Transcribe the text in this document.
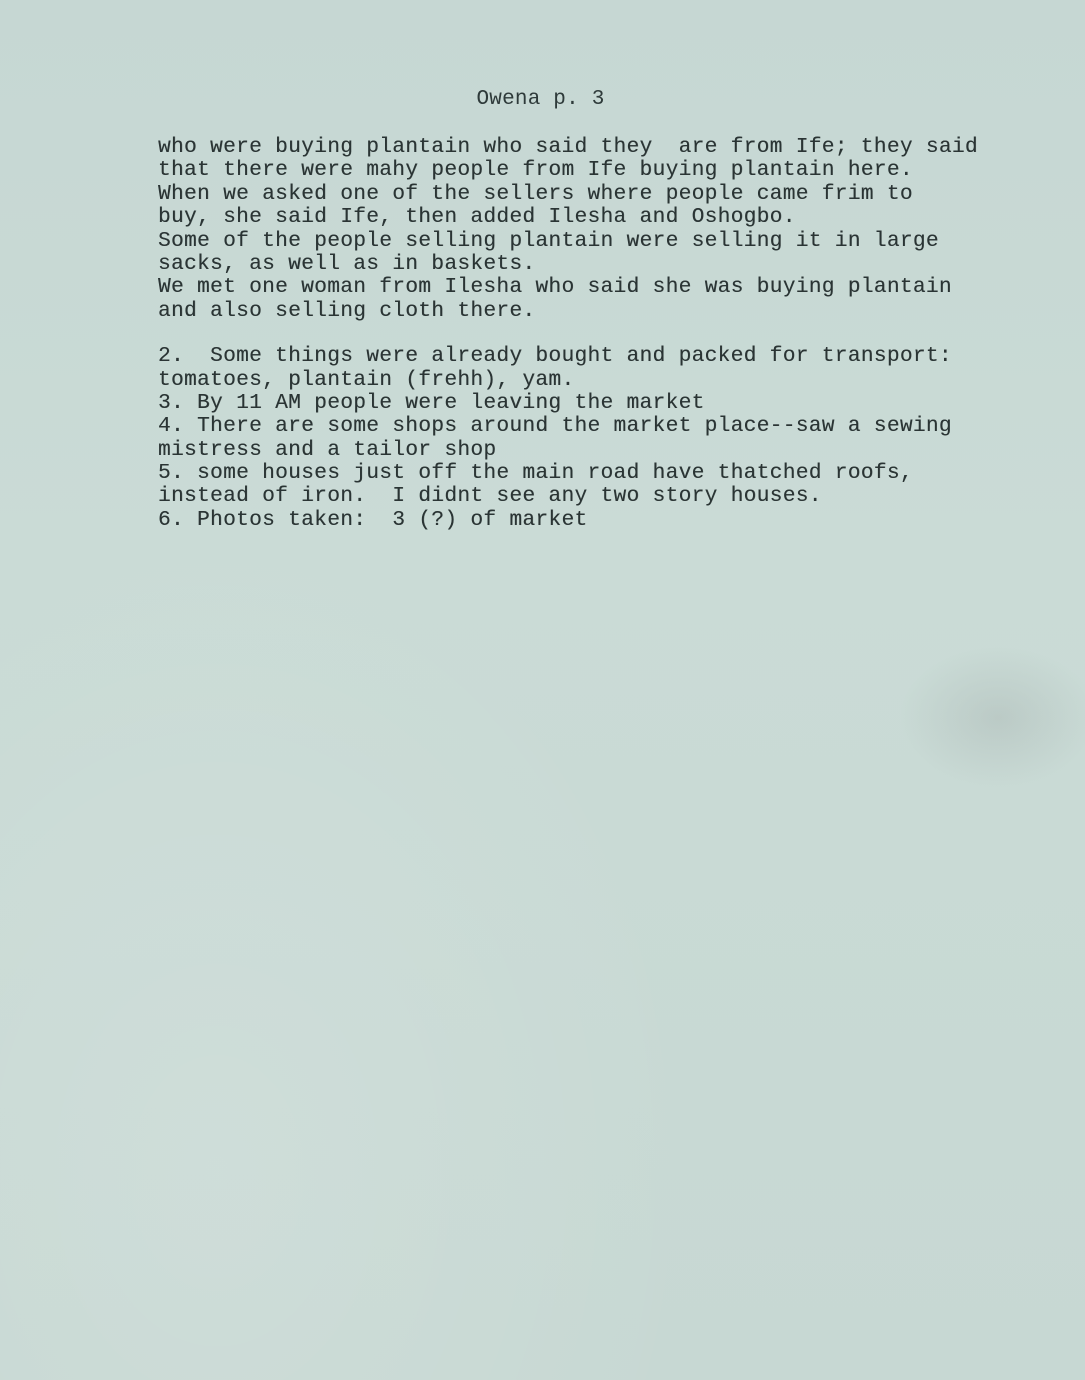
Owena p. 3
who were buying plantain who said they  are from Ife; they said
that there were mahy people from Ife buying plantain here.
When we asked one of the sellers where people came frim to
buy, she said Ife, then added Ilesha and Oshogbo.
Some of the people selling plantain were selling it in large
sacks, as well as in baskets.
We met one woman from Ilesha who said she was buying plantain
and also selling cloth there.
2.  Some things were already bought and packed for transport:
tomatoes, plantain (frehh), yam.
3. By 11 AM people were leaving the market
4. There are some shops around the market place--saw a sewing
mistress and a tailor shop
5. some houses just off the main road have thatched roofs,
instead of iron.  I didnt see any two story houses.
6. Photos taken:  3 (?) of market
